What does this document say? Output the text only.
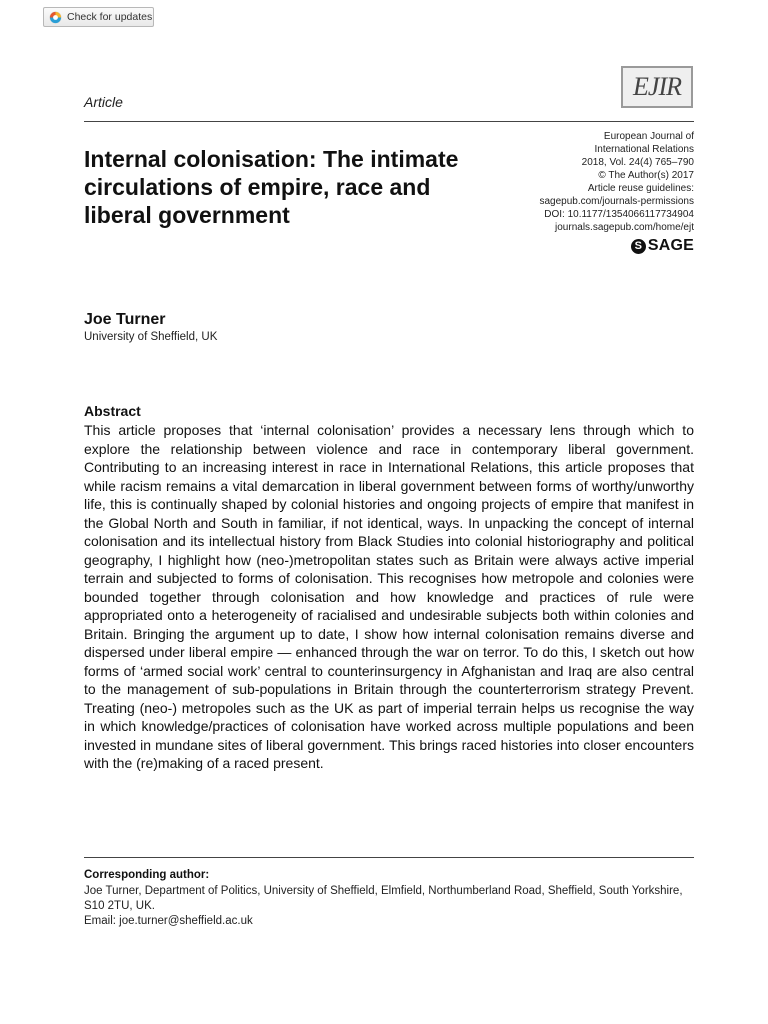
Check for updates
Article
EJIR
European Journal of
International Relations
2018, Vol. 24(4) 765–790
© The Author(s) 2017
Article reuse guidelines:
sagepub.com/journals-permissions
DOI: 10.1177/1354066117734904
journals.sagepub.com/home/ejt
S SAGE
Internal colonisation: The intimate circulations of empire, race and liberal government
Joe Turner
University of Sheffield, UK
Abstract

This article proposes that ‘internal colonisation’ provides a necessary lens through which to explore the relationship between violence and race in contemporary liberal government. Contributing to an increasing interest in race in International Relations, this article proposes that while racism remains a vital demarcation in liberal government between forms of worthy/unworthy life, this is continually shaped by colonial histories and ongoing projects of empire that manifest in the Global North and South in familiar, if not identical, ways. In unpacking the concept of internal colonisation and its intellectual history from Black Studies into colonial historiography and political geography, I highlight how (neo-)metropolitan states such as Britain were always active imperial terrain and subjected to forms of colonisation. This recognises how metropole and colonies were bounded together through colonisation and how knowledge and practices of rule were appropriated onto a heterogeneity of racialised and undesirable subjects both within colonies and Britain. Bringing the argument up to date, I show how internal colonisation remains diverse and dispersed under liberal empire — enhanced through the war on terror. To do this, I sketch out how forms of ‘armed social work’ central to counterinsurgency in Afghanistan and Iraq are also central to the management of sub-populations in Britain through the counterterrorism strategy Prevent. Treating (neo-) metropoles such as the UK as part of imperial terrain helps us recognise the way in which knowledge/practices of colonisation have worked across multiple populations and been invested in mundane sites of liberal government. This brings raced histories into closer encounters with the (re)making of a raced present.

Corresponding author:

Joe Turner, Department of Politics, University of Sheffield, Elmfield, Northumberland Road, Sheffield, South Yorkshire, S10 2TU, UK.

Email: joe.turner@sheffield.ac.uk
